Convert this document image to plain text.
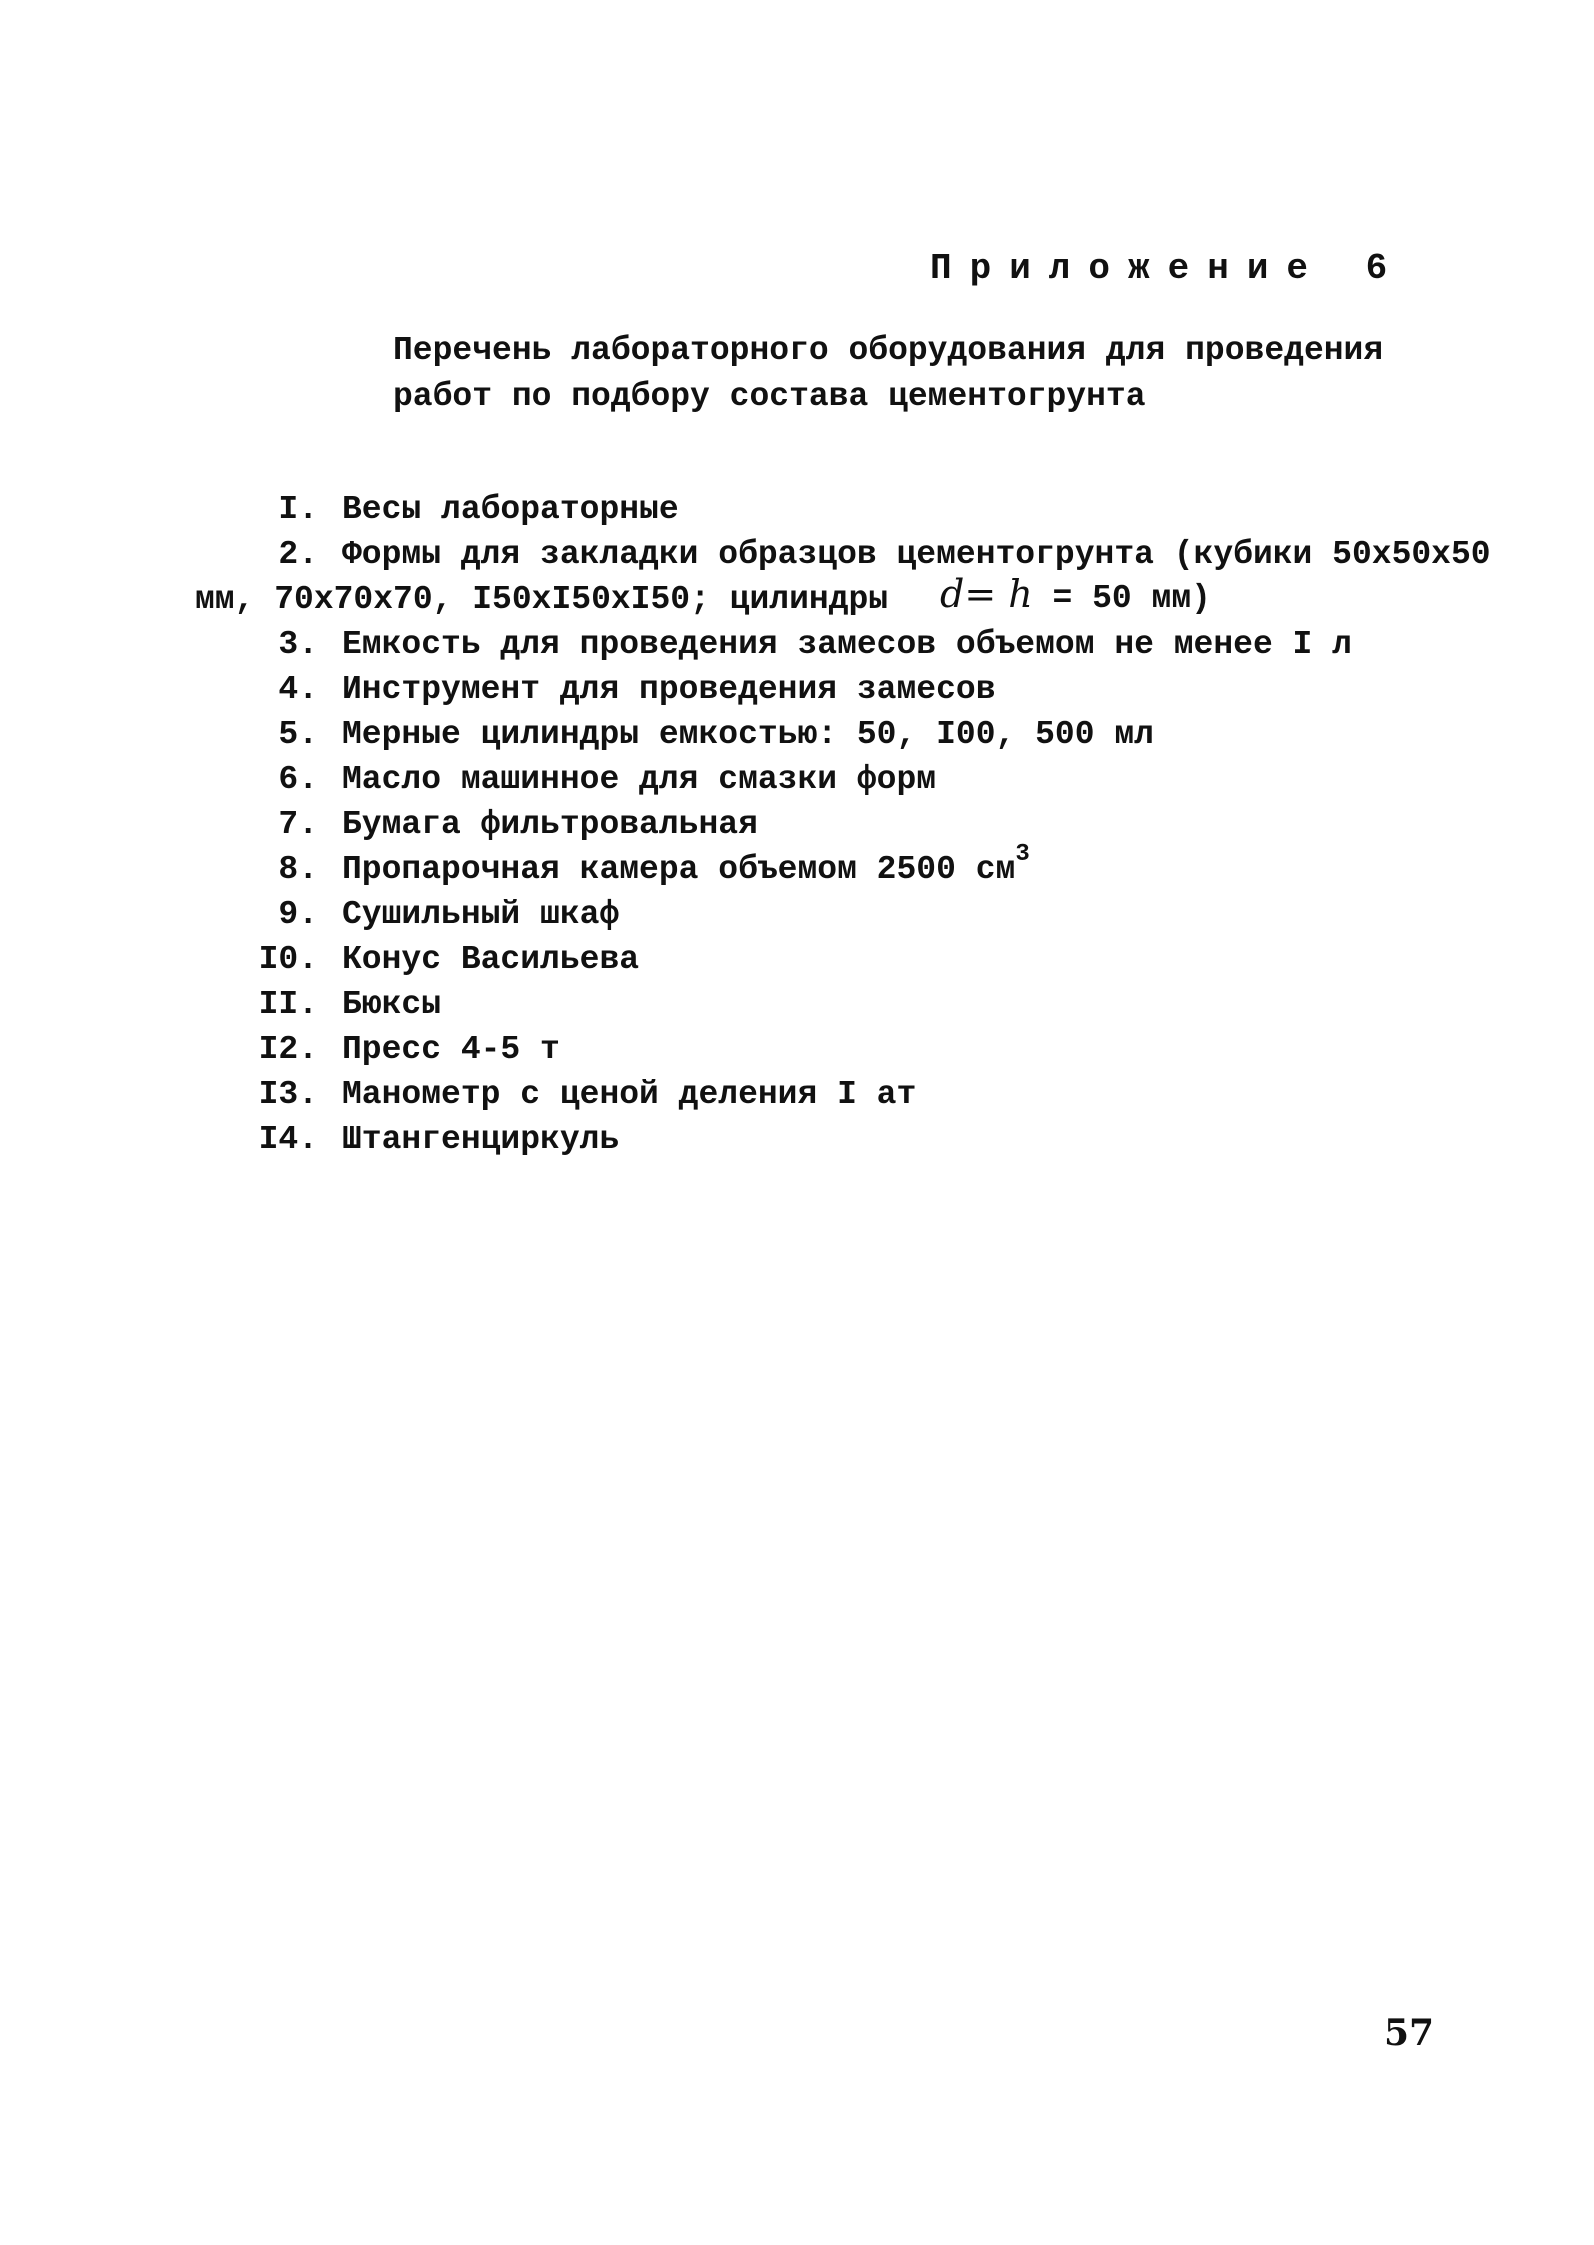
Приложение 6
Перечень лабораторного оборудования для проведения
работ по подбору состава цементогрунта
I. Весы лабораторные
2. Формы для закладки образцов цементогрунта (кубики 50х50х50
мм, 70х70х70, I50хI50хI50; цилиндры d= h = 50 мм)
3. Емкость для проведения замесов объемом не менее I л
4. Инструмент для проведения замесов
5. Мерные цилиндры емкостью: 50, I00, 500 мл
6. Масло машинное для смазки форм
7. Бумага фильтровальная
8. Пропарочная камера объемом 2500 $см^3$
9. Сушильный шкаф
I0. Конус Васильева
II. Бюксы
I2. Пресс 4-5 т
I3. Манометр с ценой деления I ат
I4. Штангенциркуль
57
